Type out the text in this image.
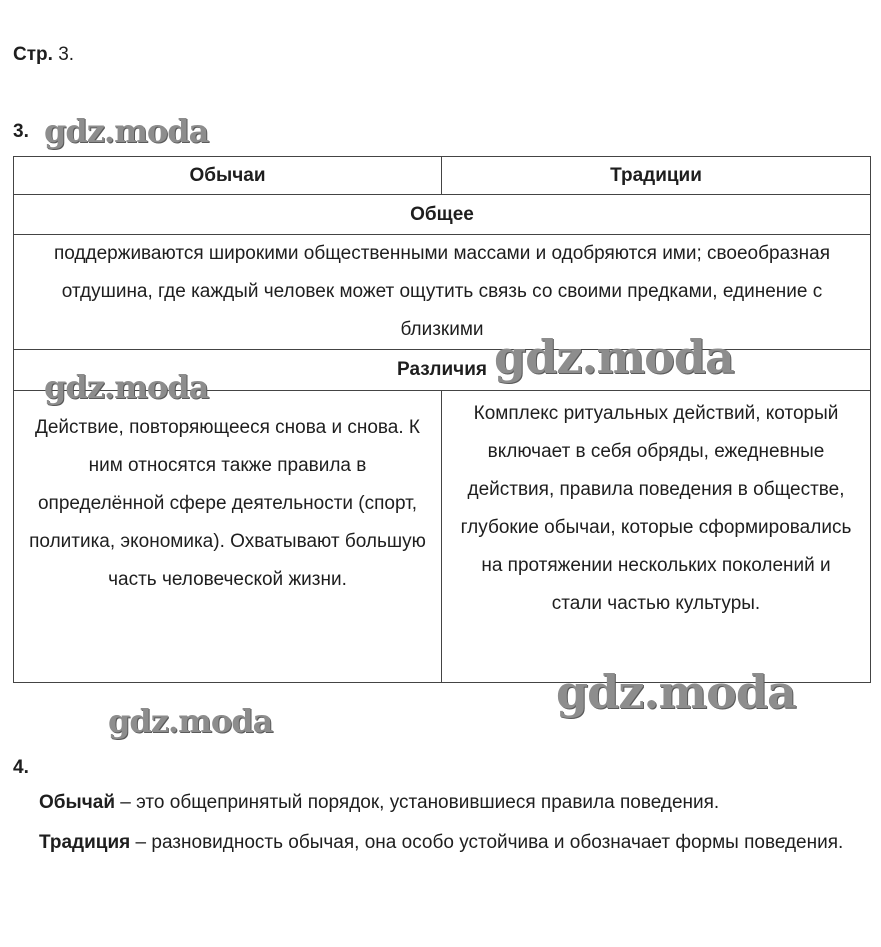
Стр. 3.
3.
Обычаи	Традиции
Общее	
поддерживаются широкими общественными массами и одобряются ими; своеобразная отдушина, где каждый человек может ощутить связь со своими предками, единение с близкими	
Различия	
Действие, повторяющееся снова и снова. К ним относятся также правила в определённой сфере деятельности (спорт, политика, экономика). Охватывают большую часть человеческой жизни.	Комплекс ритуальных действий, который включает в себя обряды, ежедневные действия, правила поведения в обществе, глубокие обычаи, которые сформировались на протяжении нескольких поколений и стали частью культуры.
4.
Обычай – это общепринятый порядок, установившиеся правила поведения.
Традиция – разновидность обычая, она особо устойчива и обозначает формы поведения.
gdz.moda
gdz.moda
gdz.moda
gdz.moda
gdz.moda
